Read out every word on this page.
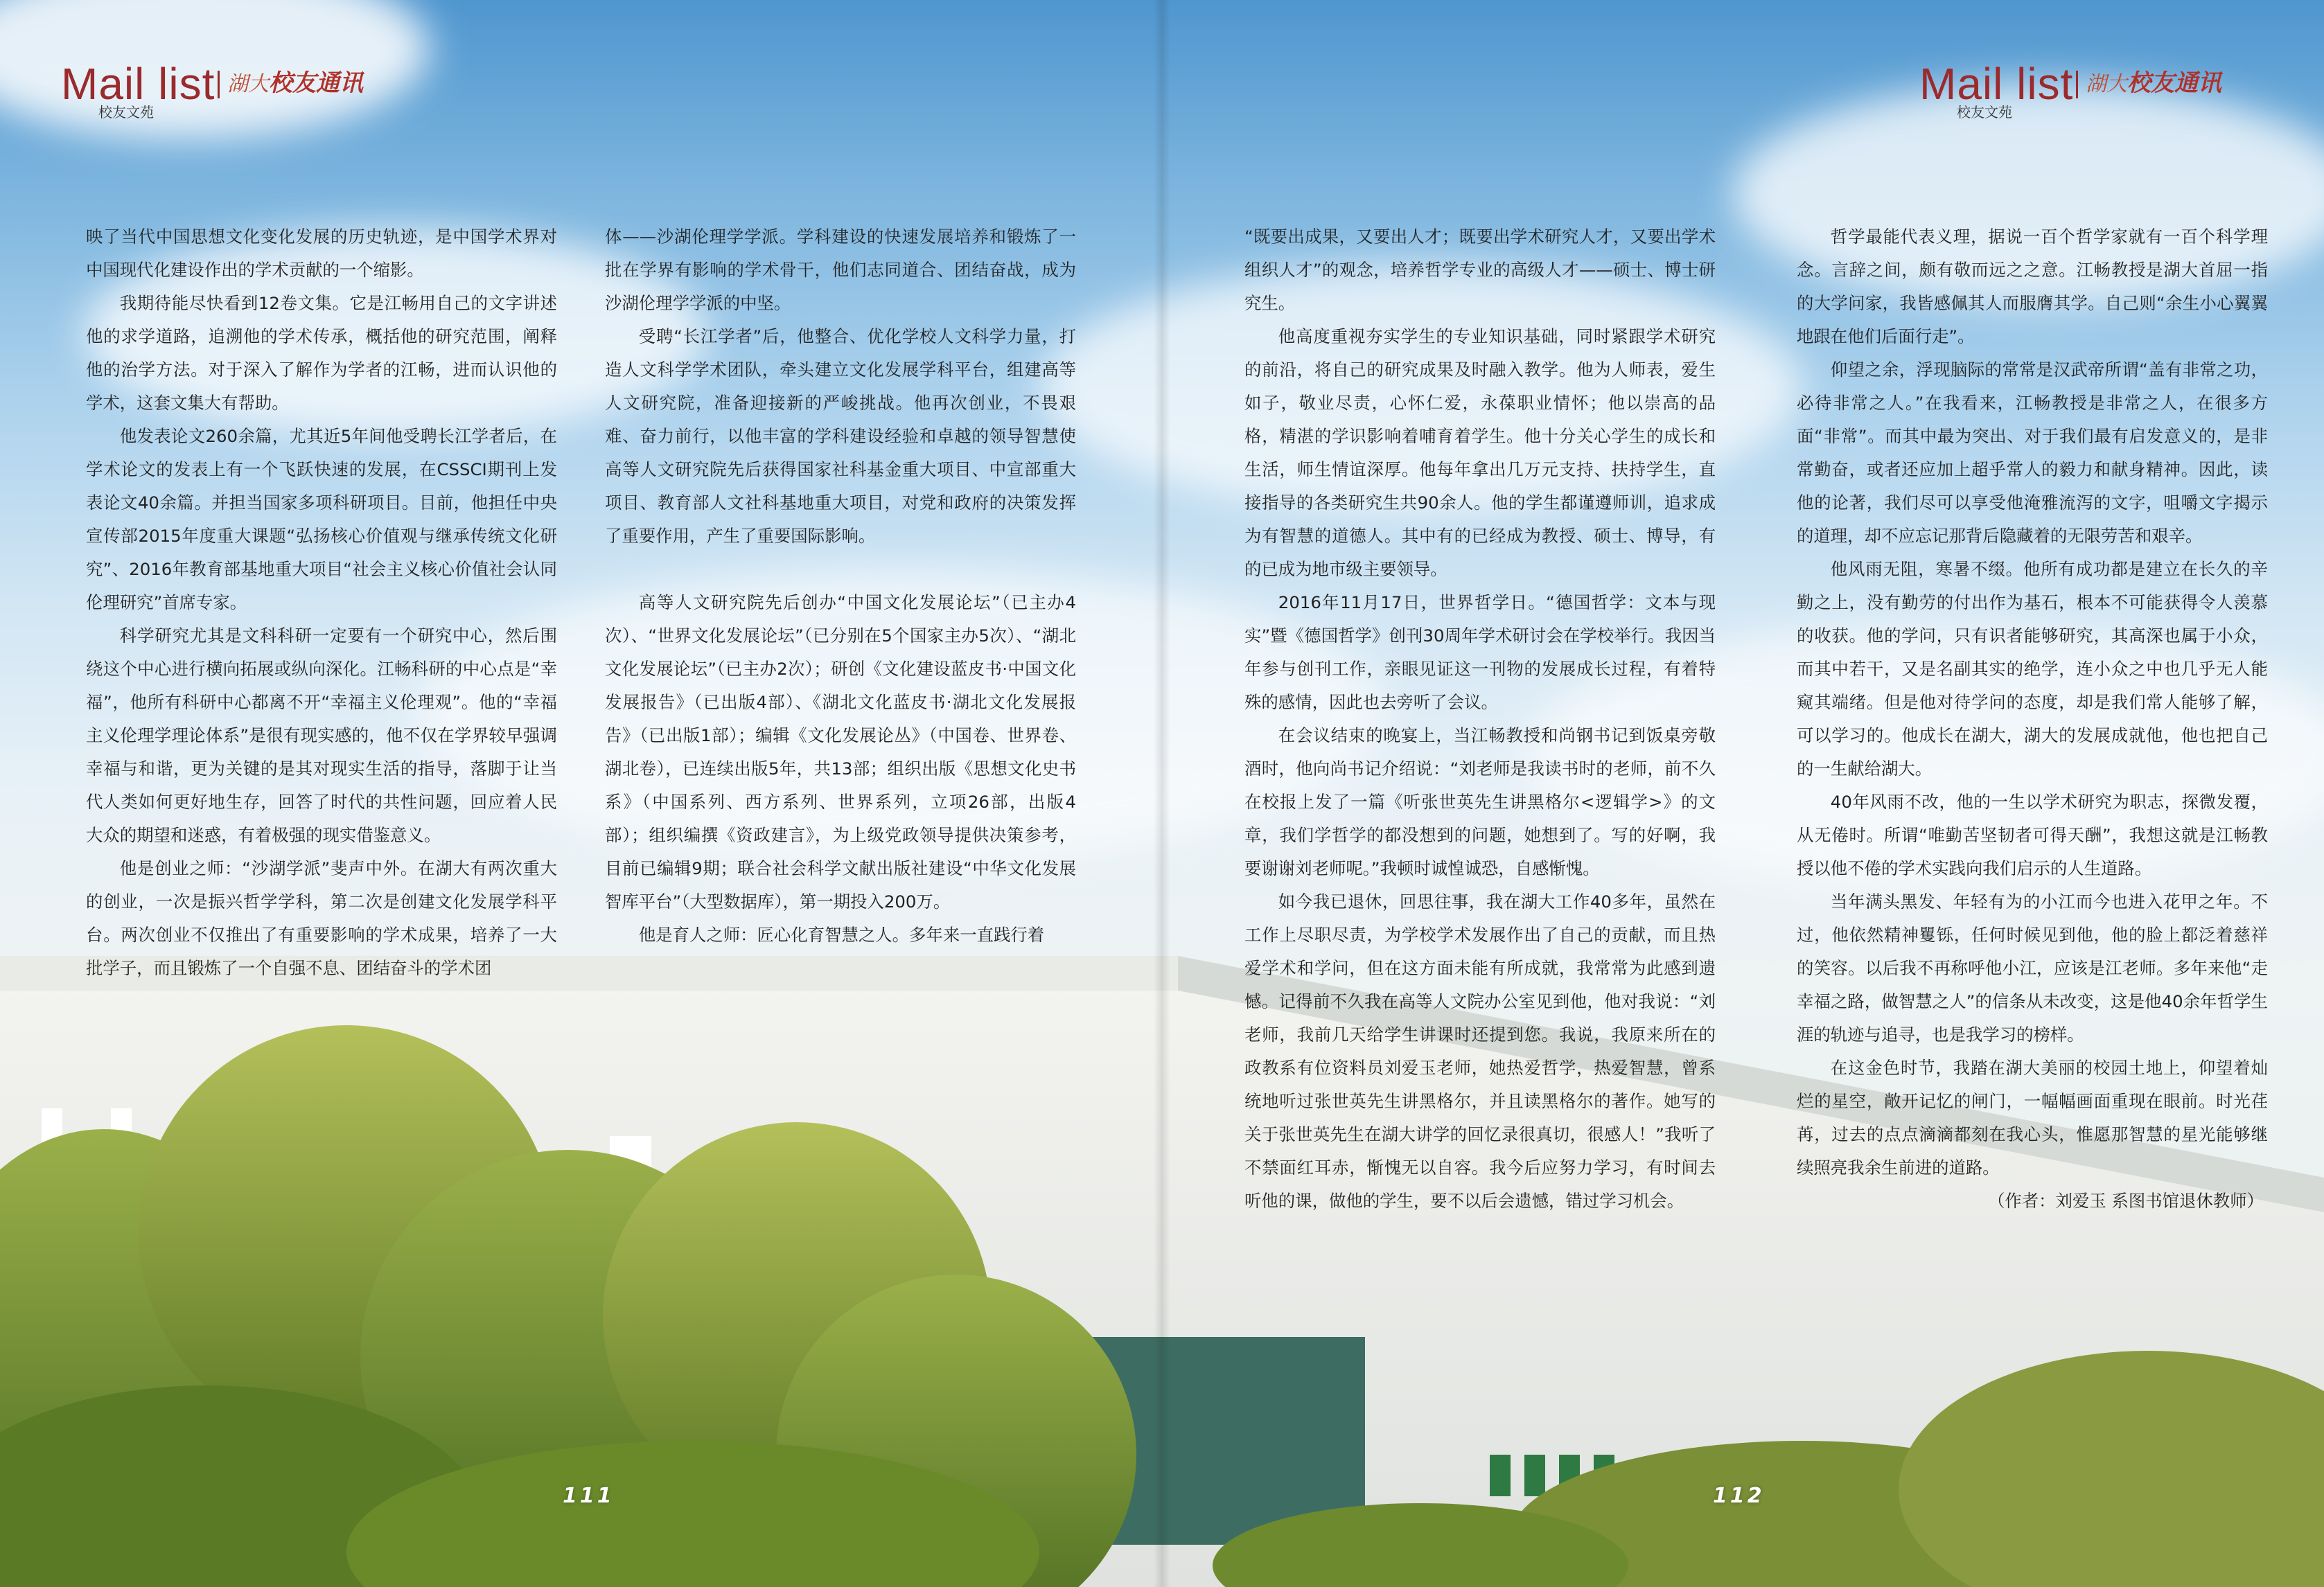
Mail list
校友文苑
湖大校友通讯

映了当代中国思想文化变化发展的历史轨迹，是中国学术界对中国现代化建设作出的学术贡献的一个缩影。

我期待能尽快看到12卷文集。它是江畅用自己的文字讲述他的求学道路，追溯他的学术传承，概括他的研究范围，阐释他的治学方法。对于深入了解作为学者的江畅，进而认识他的学术，这套文集大有帮助。

他发表论文260余篇，尤其近5年间他受聘长江学者后，在学术论文的发表上有一个飞跃快速的发展，在CSSCI期刊上发表论文40余篇。并担当国家多项科研项目。目前，他担任中央宣传部2015年度重大课题“弘扬核心价值观与继承传统文化研究”、2016年教育部基地重大项目“社会主义核心价值社会认同伦理研究”首席专家。

科学研究尤其是文科科研一定要有一个研究中心，然后围绕这个中心进行横向拓展或纵向深化。江畅科研的中心点是“幸福”，他所有科研中心都离不开“幸福主义伦理观”。他的“幸福主义伦理学理论体系”是很有现实感的，他不仅在学界较早强调幸福与和谐，更为关键的是其对现实生活的指导，落脚于让当代人类如何更好地生存，回答了时代的共性问题，回应着人民大众的期望和迷惑，有着极强的现实借鉴意义。

他是创业之师：“沙湖学派”斐声中外。在湖大有两次重大的创业，一次是振兴哲学学科，第二次是创建文化发展学科平台。两次创业不仅推出了有重要影响的学术成果，培养了一大批学子，而且锻炼了一个自强不息、团结奋斗的学术团

体——沙湖伦理学学派。学科建设的快速发展培养和锻炼了一批在学界有影响的学术骨干，他们志同道合、团结奋战，成为沙湖伦理学学派的中坚。

受聘“长江学者”后，他整合、优化学校人文科学力量，打造人文科学学术团队，牵头建立文化发展学科平台，组建高等人文研究院，准备迎接新的严峻挑战。他再次创业，不畏艰难、奋力前行，以他丰富的学科建设经验和卓越的领导智慧使高等人文研究院先后获得国家社科基金重大项目、中宣部重大项目、教育部人文社科基地重大项目，对党和政府的决策发挥了重要作用，产生了重要国际影响。

高等人文研究院先后创办“中国文化发展论坛”（已主办4次）、“世界文化发展论坛”（已分别在5个国家主办5次）、“湖北文化发展论坛”（已主办2次）；研创《文化建设蓝皮书·中国文化发展报告》（已出版4部）、《湖北文化蓝皮书·湖北文化发展报告》（已出版1部）；编辑《文化发展论丛》（中国卷、世界卷、湖北卷），已连续出版5年，共13部；组织出版《思想文化史书系》（中国系列、西方系列、世界系列，立项26部，出版4部）；组织编撰《资政建言》，为上级党政领导提供决策参考，目前已编辑9期；联合社会科学文献出版社建设“中华文化发展智库平台”（大型数据库），第一期投入200万。

他是育人之师：匠心化育智慧之人。多年来一直践行着

111

“既要出成果，又要出人才；既要出学术研究人才，又要出学术组织人才”的观念，培养哲学专业的高级人才——硕士、博士研究生。

他高度重视夯实学生的专业知识基础，同时紧跟学术研究的前沿，将自己的研究成果及时融入教学。他为人师表，爱生如子，敬业尽责，心怀仁爱，永葆职业情怀；他以崇高的品格，精湛的学识影响着哺育着学生。他十分关心学生的成长和生活，师生情谊深厚。他每年拿出几万元支持、扶持学生，直接指导的各类研究生共90余人。他的学生都谨遵师训，追求成为有智慧的道德人。其中有的已经成为教授、硕士、博导，有的已成为地市级主要领导。

2016年11月17日，世界哲学日。“德国哲学：文本与现实”暨《德国哲学》创刊30周年学术研讨会在学校举行。我因当年参与创刊工作，亲眼见证这一刊物的发展成长过程，有着特殊的感情，因此也去旁听了会议。

在会议结束的晚宴上，当江畅教授和尚钢书记到饭桌旁敬酒时，他向尚书记介绍说：“刘老师是我读书时的老师，前不久在校报上发了一篇《听张世英先生讲黑格尔<逻辑学>》的文章，我们学哲学的都没想到的问题，她想到了。写的好啊，我要谢谢刘老师呢。”我顿时诚惶诚恐，自感惭愧。

如今我已退休，回思往事，我在湖大工作40多年，虽然在工作上尽职尽责，为学校学术发展作出了自己的贡献，而且热爱学术和学问，但在这方面未能有所成就，我常常为此感到遗憾。记得前不久我在高等人文院办公室见到他，他对我说：“刘老师，我前几天给学生讲课时还提到您。我说，我原来所在的政教系有位资料员刘爱玉老师，她热爱哲学，热爱智慧，曾系统地听过张世英先生讲黑格尔，并且读黑格尔的著作。她写的关于张世英先生在湖大讲学的回忆录很真切，很感人！”我听了不禁面红耳赤，惭愧无以自容。我今后应努力学习，有时间去听他的课，做他的学生，要不以后会遗憾，错过学习机会。

哲学最能代表义理，据说一百个哲学家就有一百个科学理念。言辞之间，颇有敬而远之之意。江畅教授是湖大首屈一指的大学问家，我皆感佩其人而服膺其学。自己则“余生小心翼翼地跟在他们后面行走”。

仰望之余，浮现脑际的常常是汉武帝所谓“盖有非常之功，必待非常之人。”在我看来，江畅教授是非常之人，在很多方面“非常”。而其中最为突出、对于我们最有启发意义的，是非常勤奋，或者还应加上超乎常人的毅力和献身精神。因此，读他的论著，我们尽可以享受他淹雅流泻的文字，咀嚼文字揭示的道理，却不应忘记那背后隐藏着的无限劳苦和艰辛。

他风雨无阻，寒暑不缀。他所有成功都是建立在长久的辛勤之上，没有勤劳的付出作为基石，根本不可能获得令人羡慕的收获。他的学问，只有识者能够研究，其高深也属于小众，而其中若干，又是名副其实的绝学，连小众之中也几乎无人能窥其端绪。但是他对待学问的态度，却是我们常人能够了解，可以学习的。他成长在湖大，湖大的发展成就他，他也把自己的一生献给湖大。

40年风雨不改，他的一生以学术研究为职志，探微发覆，从无倦时。所谓“唯勤苦坚韧者可得天酬”，我想这就是江畅教授以他不倦的学术实践向我们启示的人生道路。

当年满头黑发、年轻有为的小江而今也进入花甲之年。不过，他依然精神矍铄，任何时候见到他，他的脸上都泛着慈祥的笑容。以后我不再称呼他小江，应该是江老师。多年来他“走幸福之路，做智慧之人”的信条从未改变，这是他40余年哲学生涯的轨迹与追寻，也是我学习的榜样。

在这金色时节，我踏在湖大美丽的校园土地上，仰望着灿烂的星空，敞开记忆的闸门，一幅幅画面重现在眼前。时光荏苒，过去的点点滴滴都刻在我心头，惟愿那智慧的星光能够继续照亮我余生前进的道路。

（作者：刘爱玉 系图书馆退休教师）

112
Mail list
校友文苑
湖大校友通讯
